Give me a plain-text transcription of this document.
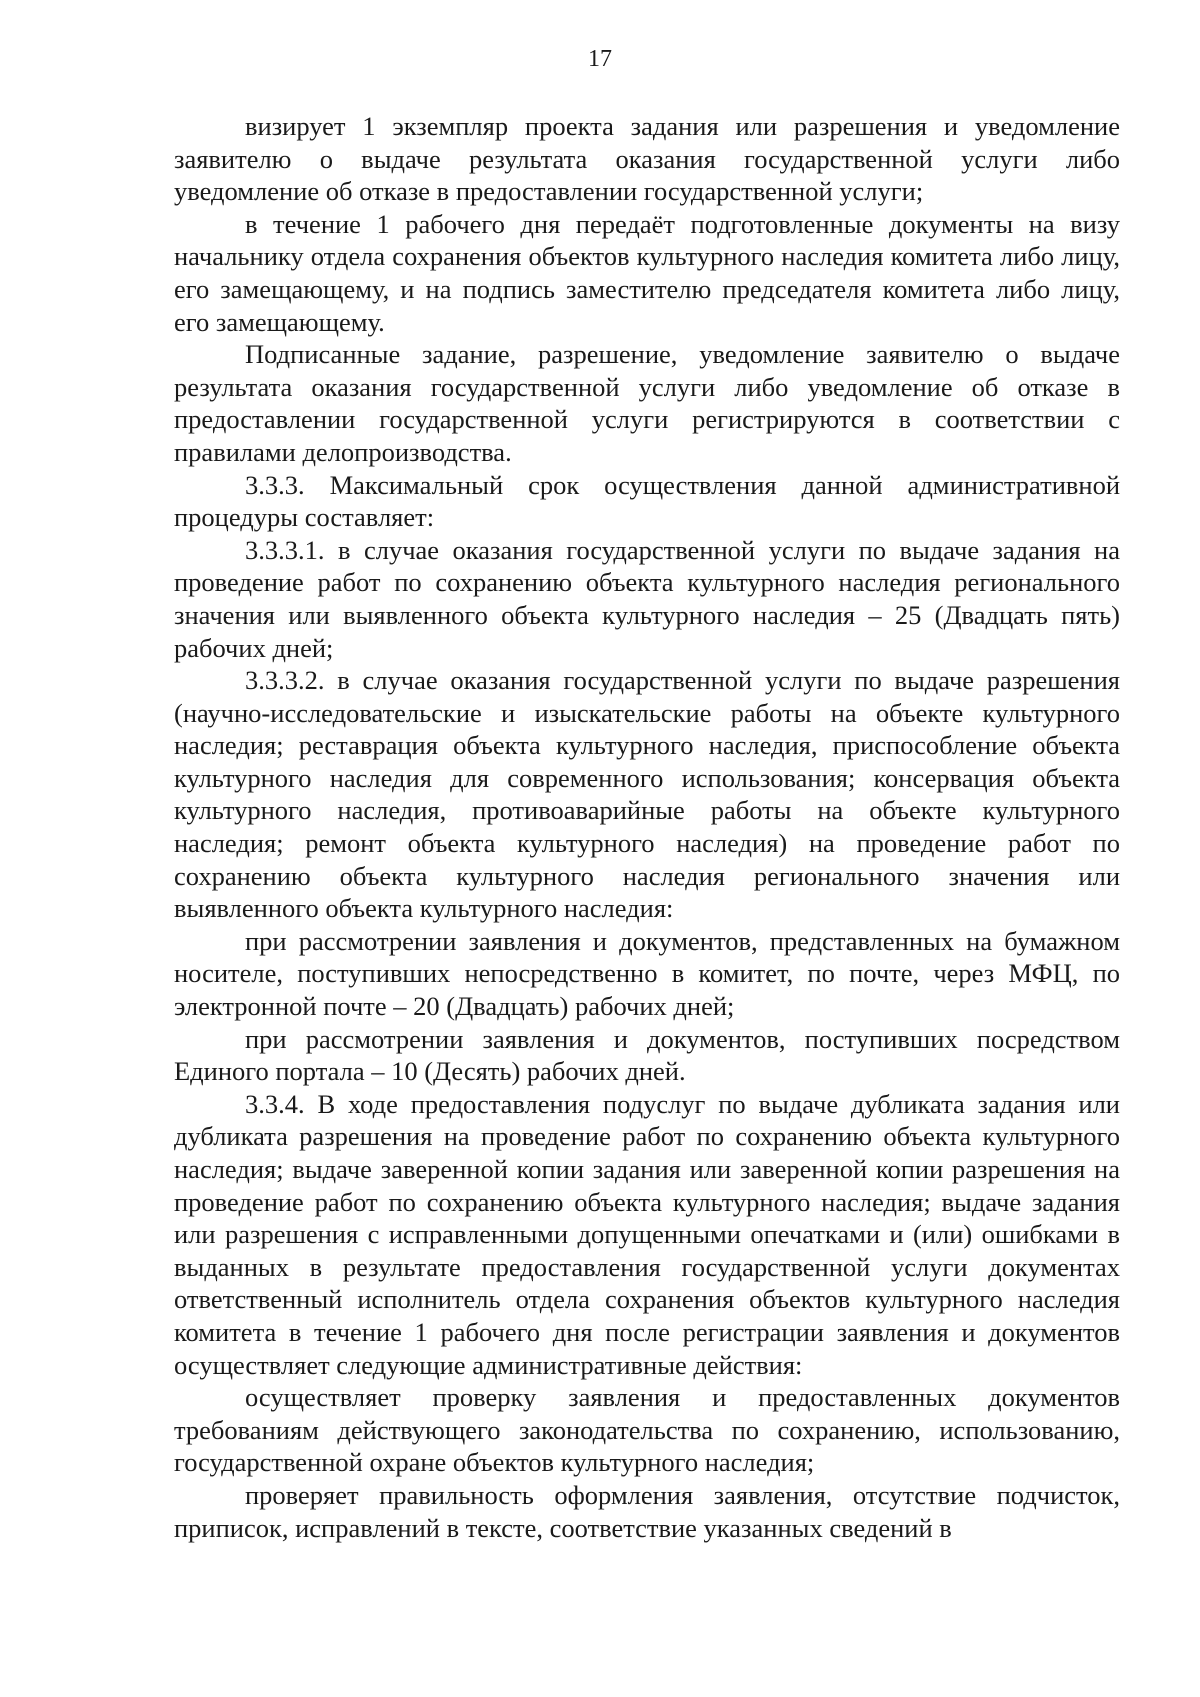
17

визирует 1 экземпляр проекта задания или разрешения и уведомление заявителю о выдаче результата оказания государственной услуги либо уведомление об отказе в предоставлении государственной услуги;

в течение 1 рабочего дня передаёт подготовленные документы на визу начальнику отдела сохранения объектов культурного наследия комитета либо лицу, его замещающему, и на подпись заместителю председателя комитета либо лицу, его замещающему.

Подписанные задание, разрешение, уведомление заявителю о выдаче результата оказания государственной услуги либо уведомление об отказе в предоставлении государственной услуги регистрируются в соответствии с правилами делопроизводства.

3.3.3. Максимальный срок осуществления данной административной процедуры составляет:

3.3.3.1. в случае оказания государственной услуги по выдаче задания на проведение работ по сохранению объекта культурного наследия регионального значения или выявленного объекта культурного наследия – 25 (Двадцать пять) рабочих дней;

3.3.3.2. в случае оказания государственной услуги по выдаче разрешения (научно-исследовательские и изыскательские работы на объекте культурного наследия; реставрация объекта культурного наследия, приспособление объекта культурного наследия для современного использования; консервация объекта культурного наследия, противоаварийные работы на объекте культурного наследия; ремонт объекта культурного наследия) на проведение работ по сохранению объекта культурного наследия регионального значения или выявленного объекта культурного наследия:

при рассмотрении заявления и документов, представленных на бумажном носителе, поступивших непосредственно в комитет, по почте, через МФЦ, по электронной почте – 20 (Двадцать) рабочих дней;

при рассмотрении заявления и документов, поступивших посредством Единого портала – 10 (Десять) рабочих дней.

3.3.4. В ходе предоставления подуслуг по выдаче дубликата задания или дубликата разрешения на проведение работ по сохранению объекта культурного наследия; выдаче заверенной копии задания или заверенной копии разрешения на проведение работ по сохранению объекта культурного наследия; выдаче задания или разрешения с исправленными допущенными опечатками и (или) ошибками в выданных в результате предоставления государственной услуги документах ответственный исполнитель отдела сохранения объектов культурного наследия комитета в течение 1 рабочего дня после регистрации заявления и документов осуществляет следующие административные действия:

осуществляет проверку заявления и предоставленных документов требованиям действующего законодательства по сохранению, использованию, государственной охране объектов культурного наследия;

проверяет правильность оформления заявления, отсутствие подчисток, приписок, исправлений в тексте, соответствие указанных сведений в
